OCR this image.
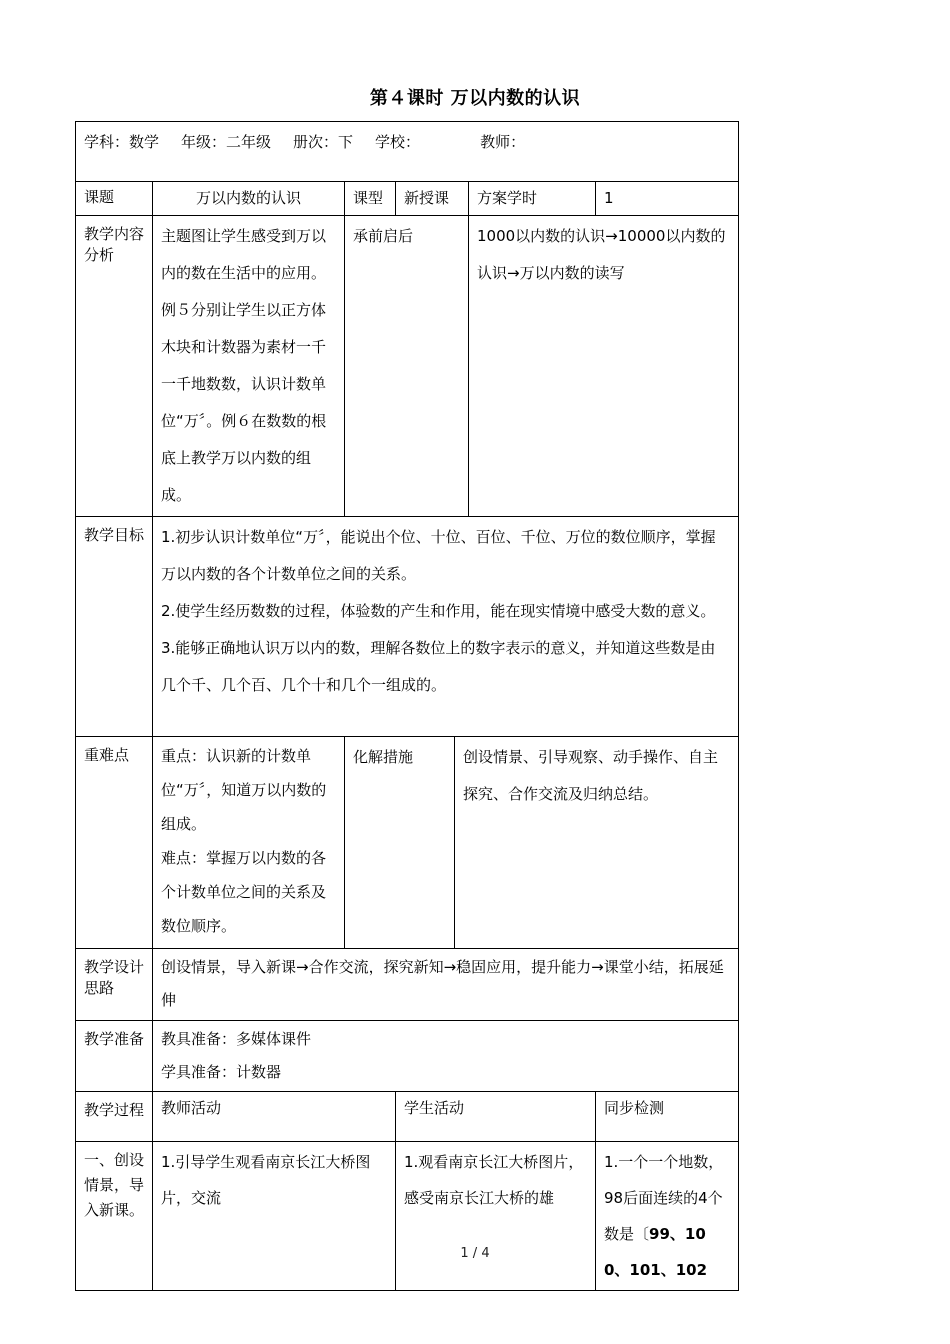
第４课时 万以内数的认识
学科：数学 年级：二年级 册次：下 学校： 教师：						
课题	万以内数的认识	课型	新授课		方案学时	1
教学内容分析	主题图让学生感受到万以内的数在生活中的应用。例５分别让学生以正方体木块和计数器为素材一千一千地数数，认识计数单位“万〞。例６在数数的根底上教学万以内数的组成。	承前启后			1000以内数的认识→10000以内数的认识→万以内数的读写	
教学目标	1.初步认识计数单位“万〞，能说出个位、十位、百位、千位、万位的数位顺序，掌握万以内数的各个计数单位之间的关系。
2.使学生经历数数的过程，体验数的产生和作用，能在现实情境中感受大数的意义。
3.能够正确地认识万以内的数，理解各数位上的数字表示的意义，并知道这些数是由几个千、几个百、几个十和几个一组成的。					

重难点	重点：认识新的计数单位“万〞，知道万以内数的组成。
难点：掌握万以内数的各个计数单位之间的关系及数位顺序。	化解措施		创设情景、引导观察、动手操作、自主探究、合作交流及归纳总结。		
教学设计思路	创设情景，导入新课→合作交流，探究新知→稳固应用，提升能力→课堂小结，拓展延伸					
教学准备	教具准备：多媒体课件
学具准备：计数器					

教学过程	教师活动		学生活动			同步检测
一、创设情景，导入新课。	1.引导学生观看南京长江大桥图片，交流		1.观看南京长江大桥图片，感受南京长江大桥的雄			1.一个一个地数，98后面连续的4个数是〔99、100、101、102
1 / 4
